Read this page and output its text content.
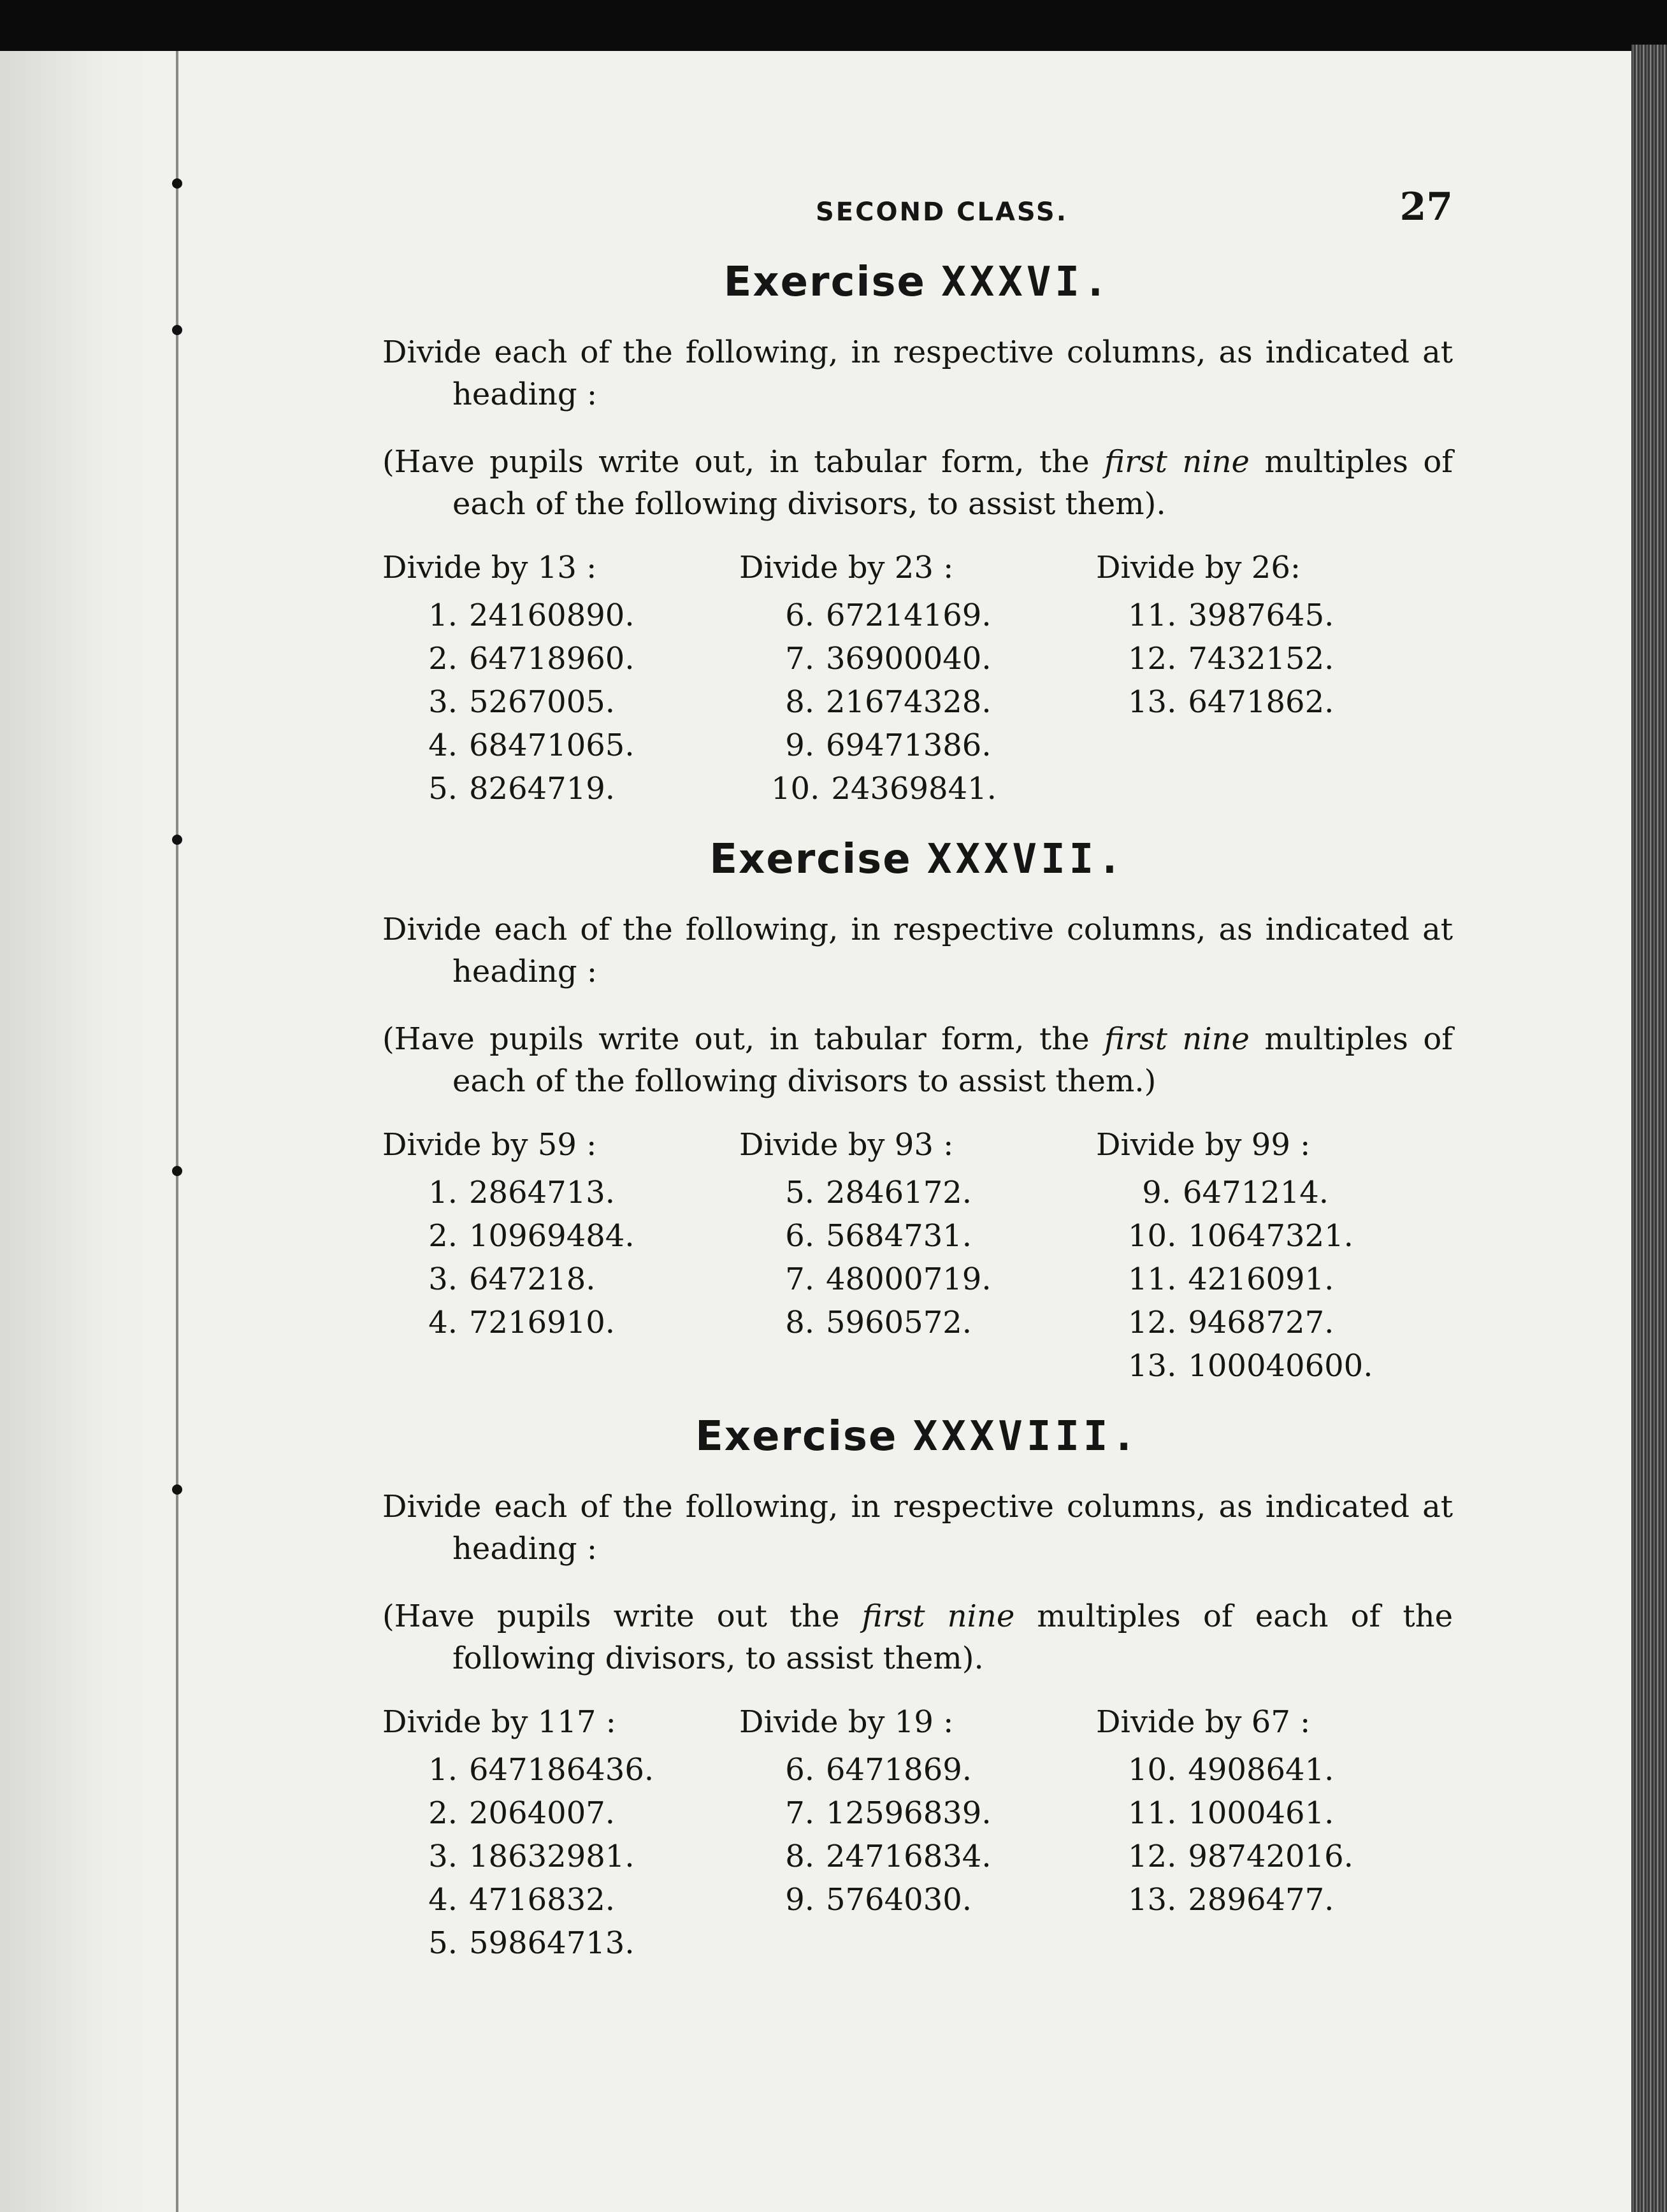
SECOND CLASS.	27
Exercise XXXVI.

Divide each of the following, in respective columns, as indicated at heading :

(Have pupils write out, in tabular form, the first nine multiples of each of the following divisors, to assist them).

Divide by 13 :
1. 24160890.
2. 64718960.
3. 5267005.
4. 68471065.
5. 8264719.
Divide by 23 :
6. 67214169.
7. 36900040.
8. 21674328.
9. 69471386.
10. 24369841.
Divide by 26:
11. 3987645.
12. 7432152.
13. 6471862.
Exercise XXXVII.

Divide each of the following, in respective columns, as indicated at heading :

(Have pupils write out, in tabular form, the first nine multiples of each of the following divisors to assist them.)

Divide by 59 :
1. 2864713.
2. 10969484.
3. 647218.
4. 7216910.
Divide by 93 :
5. 2846172.
6. 5684731.
7. 48000719.
8. 5960572.
Divide by 99 :
9. 6471214.
10. 10647321.
11. 4216091.
12. 9468727.
13. 100040600.
Exercise XXXVIII.

Divide each of the following, in respective columns, as indicated at heading :

(Have pupils write out the first nine multiples of each of the following divisors, to assist them).

Divide by 117 :
1. 647186436.
2. 2064007.
3. 18632981.
4. 4716832.
5. 59864713.
Divide by 19 :
6. 6471869.
7. 12596839.
8. 24716834.
9. 5764030.
Divide by 67 :
10. 4908641.
11. 1000461.
12. 98742016.
13. 2896477.
